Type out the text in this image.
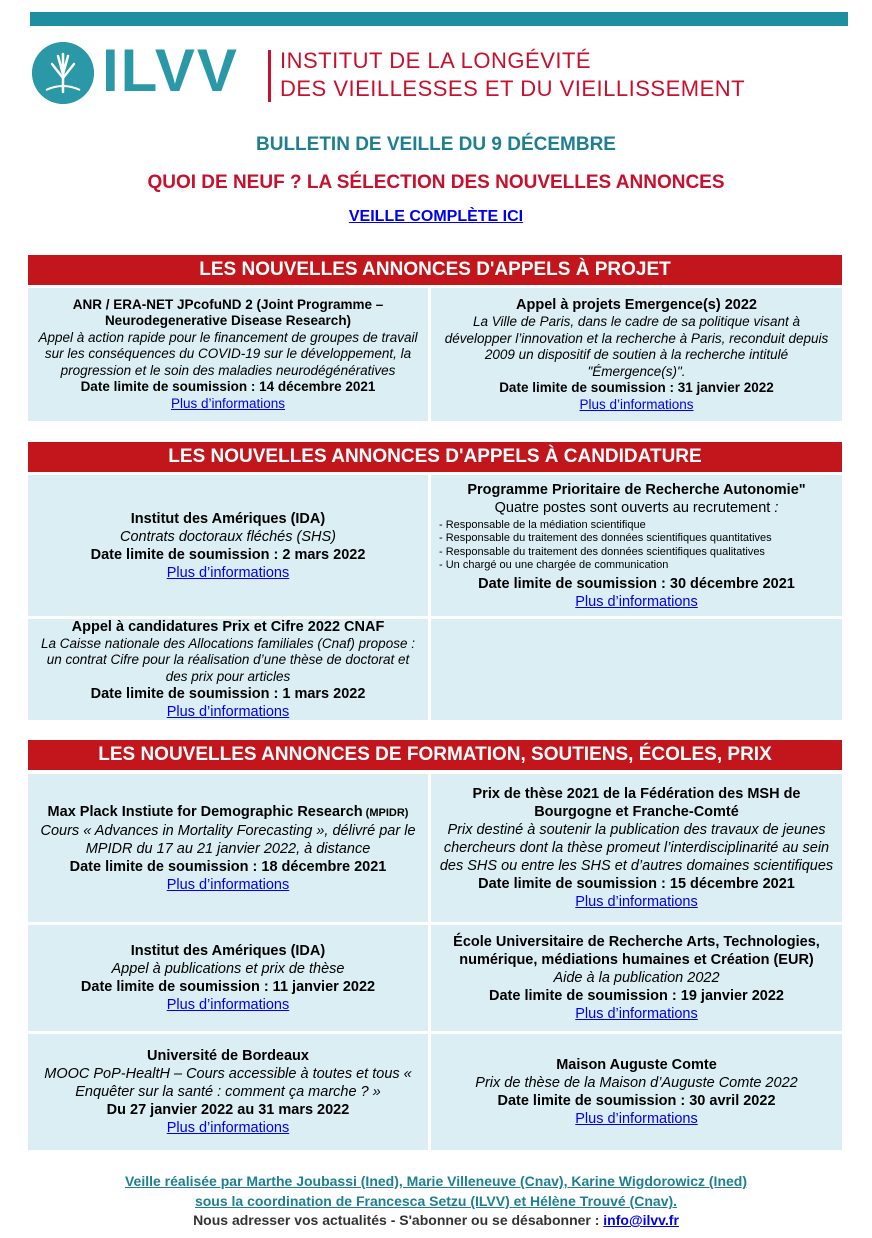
ILVV INSTITUT DE LA LONGÉVITÉ
DES VIEILLESSES ET DU VIEILLISSEMENT
BULLETIN DE VEILLE DU 9 DÉCEMBRE
QUOI DE NEUF ? LA SÉLECTION DES NOUVELLES ANNONCES
VEILLE COMPLÈTE ICI
LES NOUVELLES ANNONCES D'APPELS À PROJET
ANR / ERA-NET JPcofuND 2 (Joint Programme – Neurodegenerative Disease Research)
Appel à action rapide pour le financement de groupes de travail sur les conséquences du COVID-19 sur le développement, la progression et le soin des maladies neurodégénératives
Date limite de soumission : 14 décembre 2021
Plus d’informations
Appel à projets Emergence(s) 2022
La Ville de Paris, dans le cadre de sa politique visant à développer l’innovation et la recherche à Paris, reconduit depuis 2009 un dispositif de soutien à la recherche intitulé "Émergence(s)".
Date limite de soumission : 31 janvier 2022
Plus d’informations
LES NOUVELLES ANNONCES D'APPELS À CANDIDATURE
Institut des Amériques (IDA)
Contrats doctoraux fléchés (SHS)
Date limite de soumission : 2 mars 2022
Plus d’informations
Programme Prioritaire de Recherche Autonomie"
Quatre postes sont ouverts au recrutement :
- Responsable de la médiation scientifique
- Responsable du traitement des données scientifiques quantitatives
- Responsable du traitement des données scientifiques qualitatives
- Un chargé ou une chargée de communication
Date limite de soumission : 30 décembre 2021
Plus d’informations
Appel à candidatures Prix et Cifre 2022 CNAF
La Caisse nationale des Allocations familiales (Cnaf) propose : un contrat Cifre pour la réalisation d’une thèse de doctorat et des prix pour articles
Date limite de soumission : 1 mars 2022
Plus d’informations
LES NOUVELLES ANNONCES DE FORMATION, SOUTIENS, ÉCOLES, PRIX
Max Plack Instiute for Demographic Research (MPIDR)
Cours « Advances in Mortality Forecasting », délivré par le MPIDR du 17 au 21 janvier 2022, à distance
Date limite de soumission : 18 décembre 2021
Plus d’informations
Prix de thèse 2021 de la Fédération des MSH de Bourgogne et Franche-Comté
Prix destiné à soutenir la publication des travaux de jeunes chercheurs dont la thèse promeut l’interdisciplinarité au sein des SHS ou entre les SHS et d’autres domaines scientifiques
Date limite de soumission : 15 décembre 2021
Plus d’informations
Institut des Amériques (IDA)
Appel à publications et prix de thèse
Date limite de soumission : 11 janvier 2022
Plus d’informations
École Universitaire de Recherche Arts, Technologies, numérique, médiations humaines et Création (EUR)
Aide à la publication 2022
Date limite de soumission : 19 janvier 2022
Plus d’informations
Université de Bordeaux
MOOC PoP-HealtH – Cours accessible à toutes et tous « Enquêter sur la santé : comment ça marche ? »
Du 27 janvier 2022 au 31 mars 2022
Plus d’informations
Maison Auguste Comte
Prix de thèse de la Maison d’Auguste Comte 2022
Date limite de soumission : 30 avril 2022
Plus d’informations
Veille réalisée par Marthe Joubassi (Ined), Marie Villeneuve (Cnav), Karine Wigdorowicz (Ined)
sous la coordination de Francesca Setzu (ILVV) et Hélène Trouvé (Cnav).
Nous adresser vos actualités - S'abonner ou se désabonner : info@ilvv.fr
